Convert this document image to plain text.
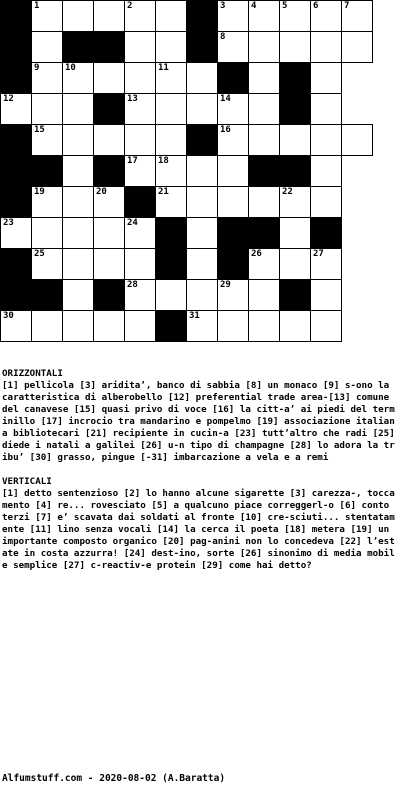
	1			2			3	4	5	6	7

							8				

	9	10			11						

12				13			14				

	15						16				

				17	18						

	19		20		21				22		

23				24							

	25							26		27	

				28			29				

30						31					

ORIZZONTALI
[1] pellicola [3] aridita’, banco di sabbia [8] un monaco [9] s-ono la caratteristica di alberobello [12] preferential trade area-[13] comune del canavese [15] quasi privo di voce [16] la citt-a’ ai piedi del terminillo [17] incrocio tra mandarino e pompelmo [19] associazione italiana bibliotecari [21] recipiente in cucin-a [23] tutt’altro che radi [25] diede i natali a galilei [26] u-n tipo di champagne [28] lo adora la tribu’ [30] grasso, pingue [-31] imbarcazione a vela e a remi
VERTICALI
[1] detto sentenzioso [2] lo hanno alcune sigarette [3] carezza-, toccamento [4] re... rovesciato [5] a qualcuno piace correggerl-o [6] conto terzi [7] e’ scavata dai soldati al fronte [10] cre-sciuti... stentatamente [11] lino senza vocali [14] la cerca il poeta [18] metera [19] un importante composto organico [20] pag-anini non lo concedeva [22] l’estate in costa azzurra! [24] dest-ino, sorte [26] sinonimo di media mobile semplice [27] c-reactiv-e protein [29] come hai detto?
Alfumstuff.com - 2020-08-02 (A.Baratta)
